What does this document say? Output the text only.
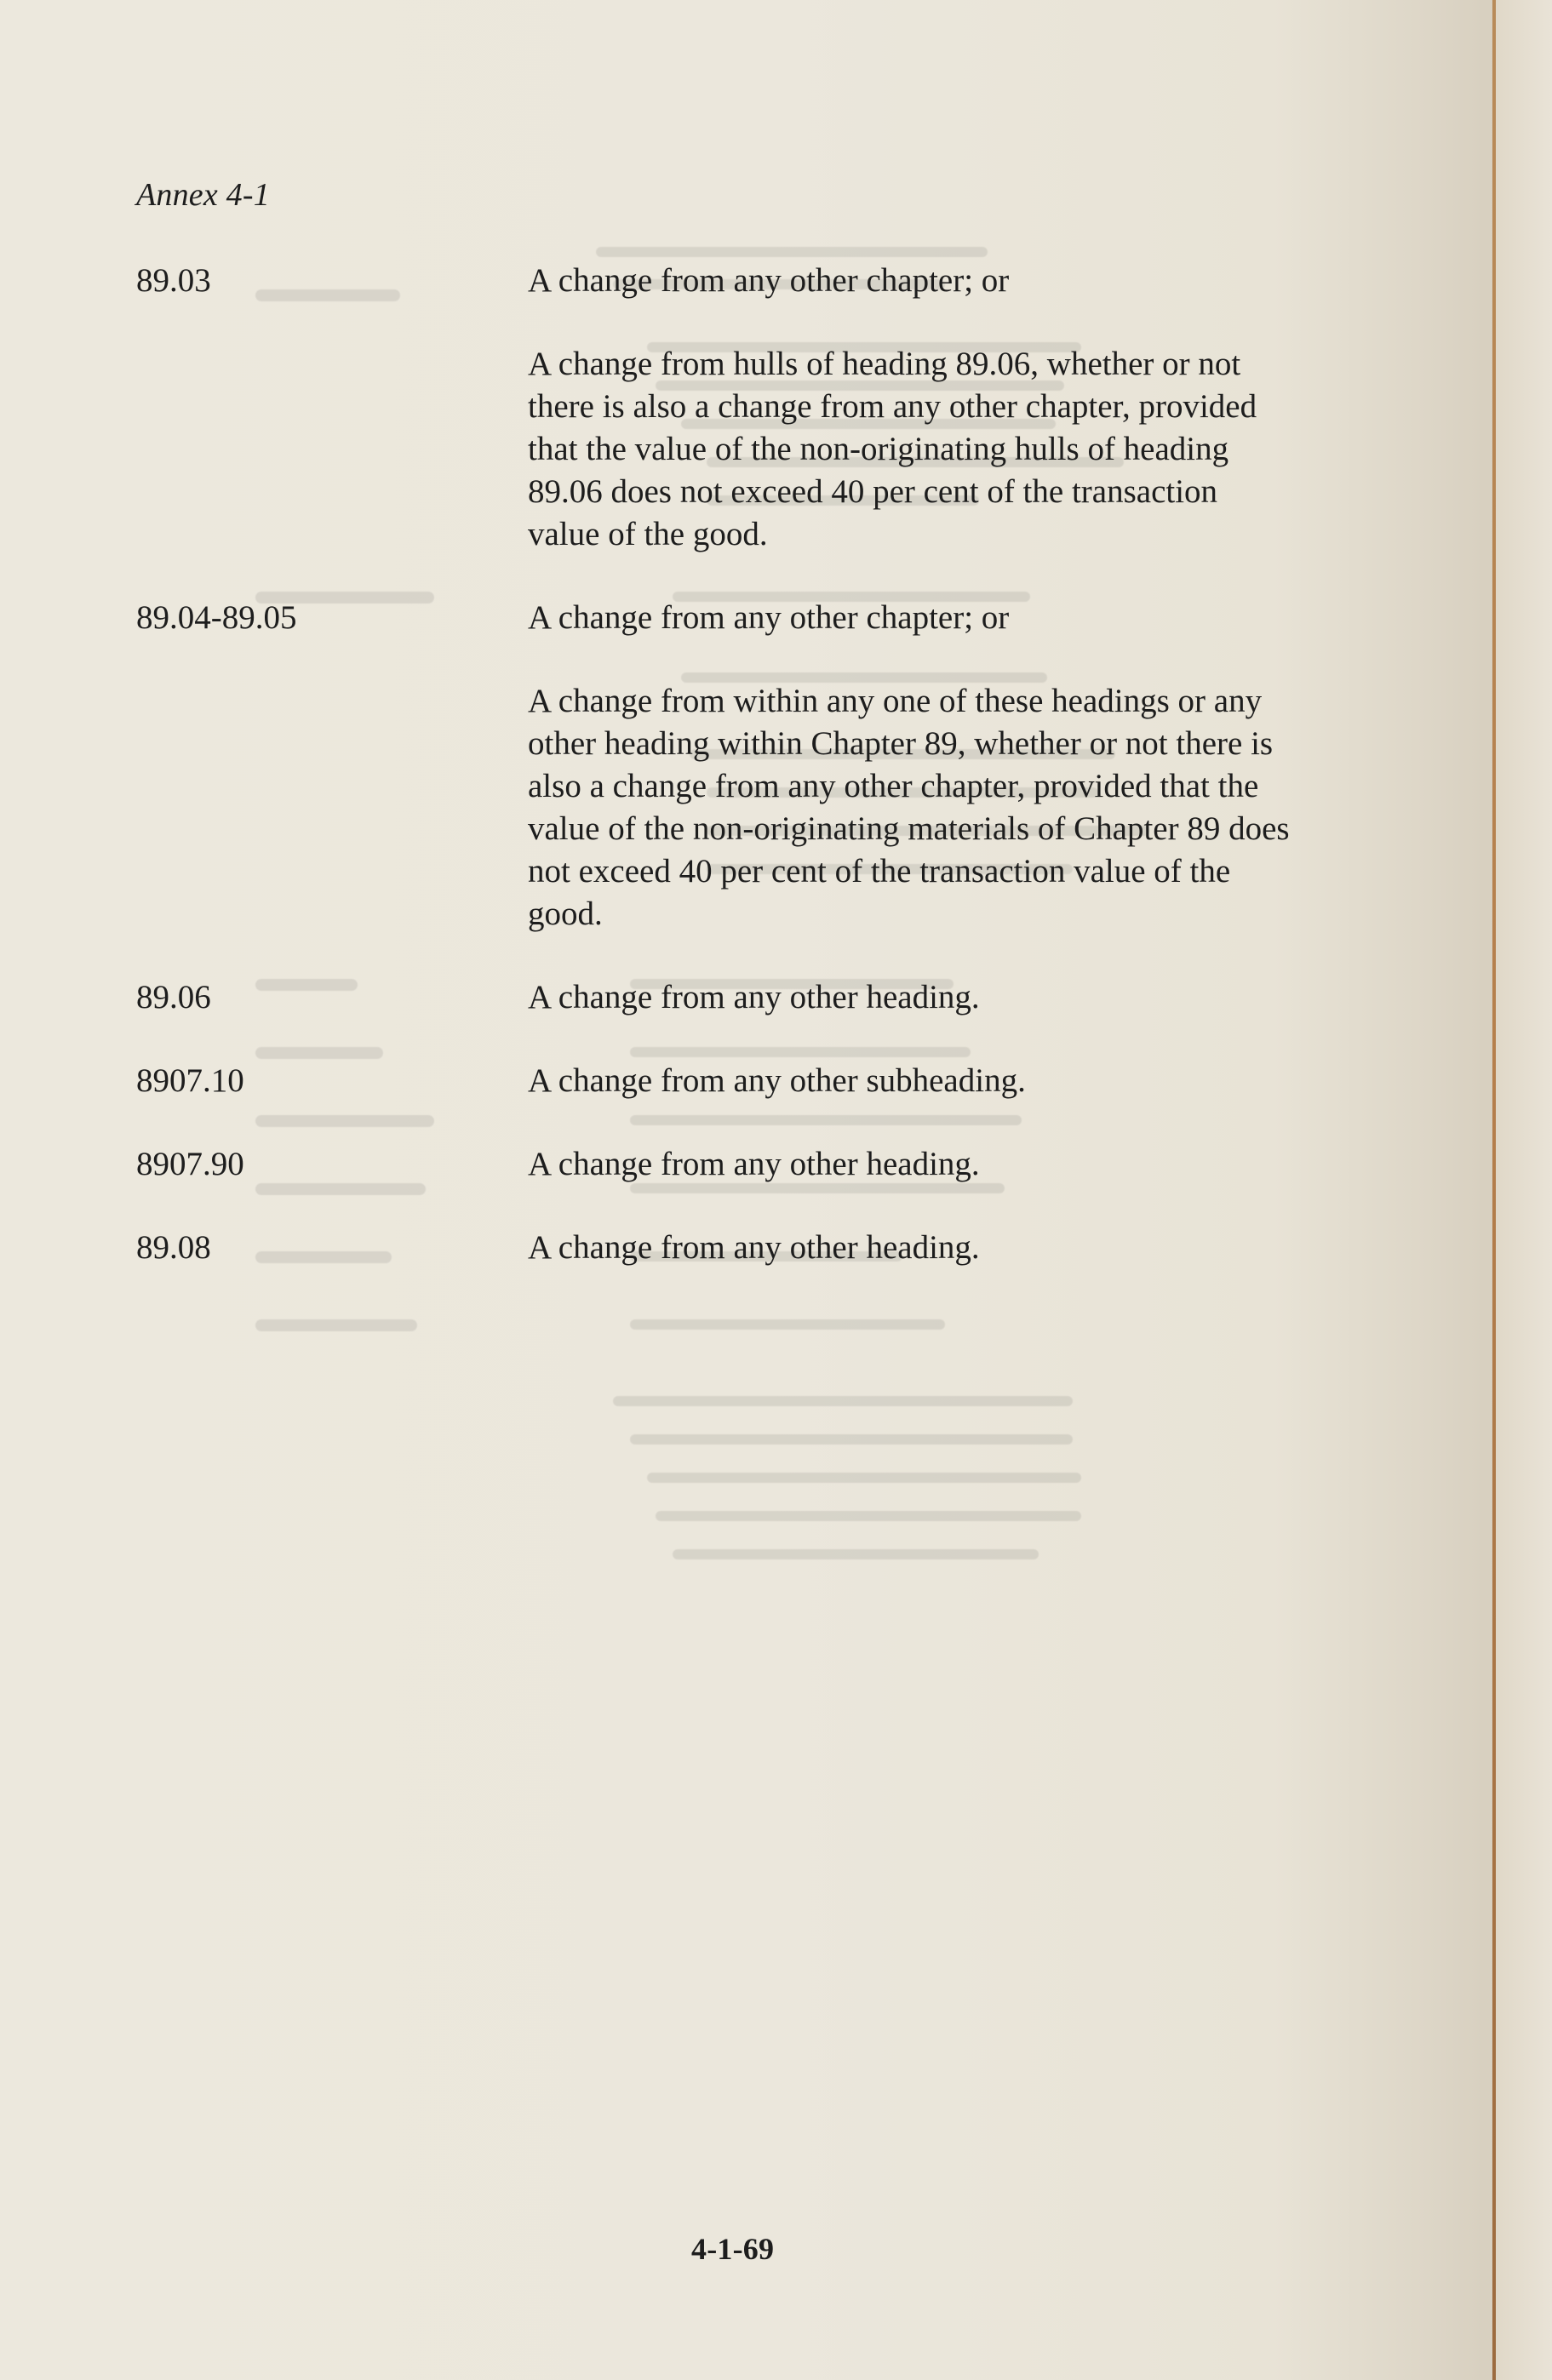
Annex 4-1
89.03	A change from any other chapter; or

A change from hulls of heading 89.06, whether or not there is also a change from any other chapter, provided that the value of the non-originating hulls of heading 89.06 does not exceed 40 per cent of the transaction value of the good.

89.04-89.05	A change from any other chapter; or

A change from within any one of these headings or any other heading within Chapter 89, whether or not there is also a change from any other chapter, provided that the value of the non-originating materials of Chapter 89 does not exceed 40 per cent of the transaction value of the good.

89.06	A change from any other heading.

8907.10	A change from any other subheading.

8907.90	A change from any other heading.

89.08	A change from any other heading.

4-1-69
